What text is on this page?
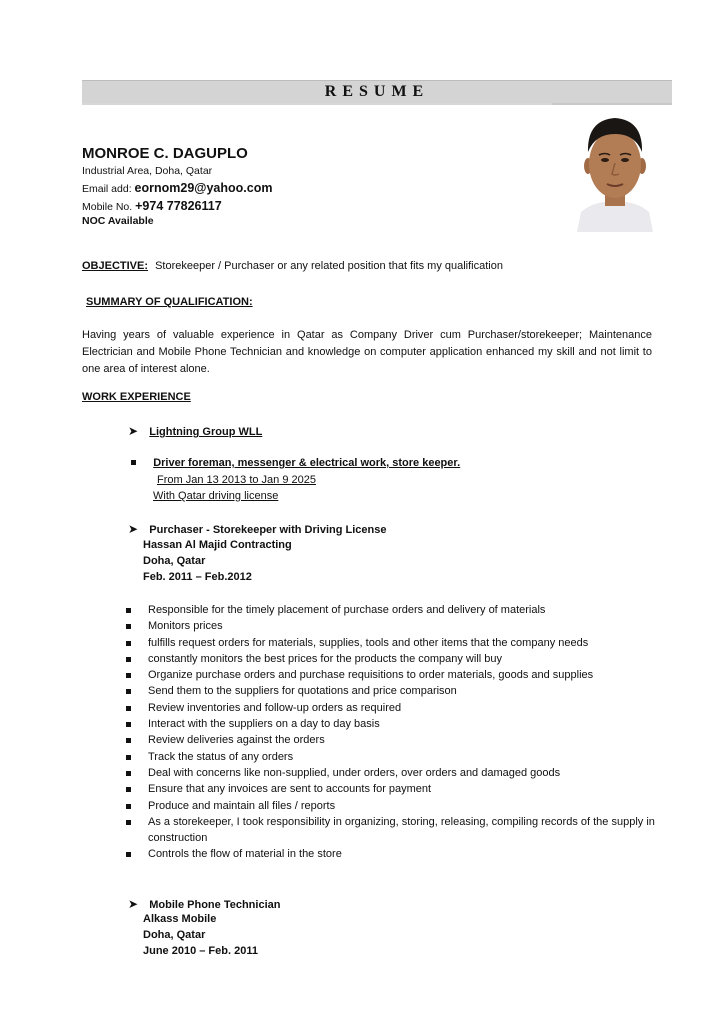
RESUME
MONROE C. DAGUPLO
Industrial Area, Doha, Qatar
Email add: eornom29@yahoo.com
Mobile No. +974 77826117
NOC Available
OBJECTIVE: Storekeeper / Purchaser or any related position that fits my qualification
SUMMARY OF QUALIFICATION:
Having years of valuable experience in Qatar as Company Driver cum Purchaser/storekeeper; Maintenance Electrician and Mobile Phone Technician and knowledge on computer application enhanced my skill and not limit to one area of interest alone.
WORK EXPERIENCE
➤ Lightning Group WLL
Driver foreman, messenger & electrical work, store keeper.
From Jan 13 2013 to Jan 9 2025
With Qatar driving license
➤ Purchaser - Storekeeper with Driving License
Hassan Al Majid Contracting
Doha, Qatar
Feb. 2011 – Feb.2012
Responsible for the timely placement of purchase orders and delivery of materials
Monitors prices
fulfills request orders for materials, supplies, tools and other items that the company needs
constantly monitors the best prices for the products the company will buy
Organize purchase orders and purchase requisitions to order materials, goods and supplies
Send them to the suppliers for quotations and price comparison
Review inventories and follow-up orders as required
Interact with the suppliers on a day to day basis
Review deliveries against the orders
Track the status of any orders
Deal with concerns like non-supplied, under orders, over orders and damaged goods
Ensure that any invoices are sent to accounts for payment
Produce and maintain all files / reports
As a storekeeper, I took responsibility in organizing, storing, releasing, compiling records of the supply in construction
Controls the flow of material in the store
➤ Mobile Phone Technician
Alkass Mobile
Doha, Qatar
June 2010 – Feb. 2011
